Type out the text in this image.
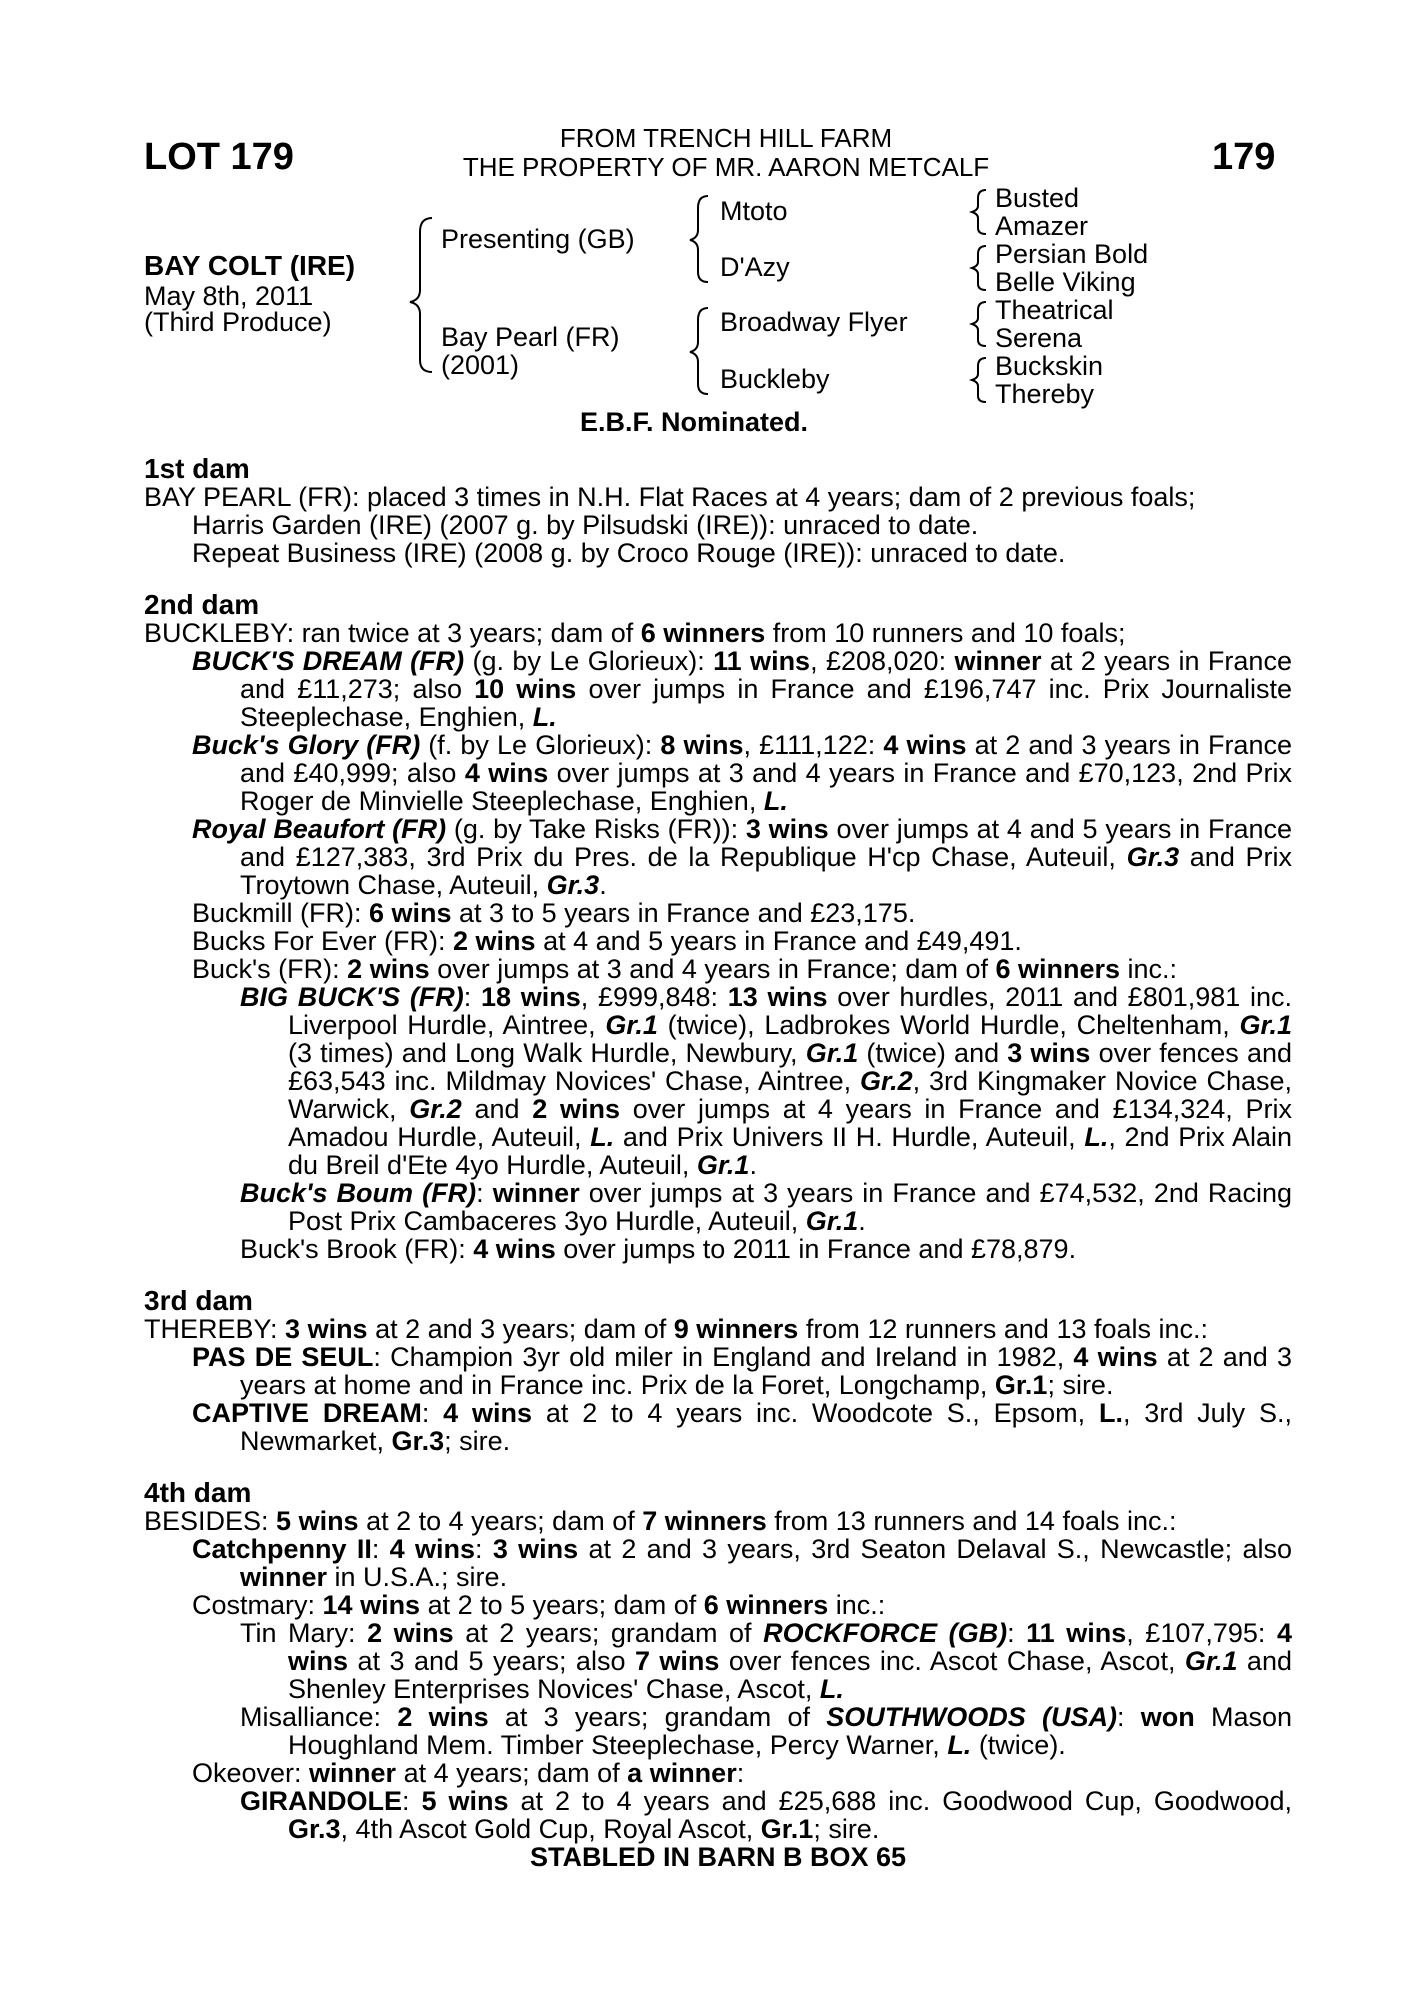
LOT 179	FROM TRENCH HILL FARM
THE PROPERTY OF MR. AARON METCALF	179
BAY COLT (IRE)
May 8th, 2011
(Third Produce)
Presenting (GB)
Bay Pearl (FR)
(2001)
Mtoto
D'Azy
Broadway Flyer
Buckleby
Busted
Amazer
Persian Bold
Belle Viking
Theatrical
Serena
Buckskin
Thereby
E.B.F. Nominated.
1st dam
BAY PEARL (FR): placed 3 times in N.H. Flat Races at 4 years; dam of 2 previous foals;
Harris Garden (IRE) (2007 g. by Pilsudski (IRE)): unraced to date.
Repeat Business (IRE) (2008 g. by Croco Rouge (IRE)): unraced to date.
2nd dam
BUCKLEBY: ran twice at 3 years; dam of 6 winners from 10 runners and 10 foals;
BUCK'S DREAM (FR) (g. by Le Glorieux): 11 wins, £208,020: winner at 2 years in France and £11,273; also 10 wins over jumps in France and £196,747 inc. Prix Journaliste Steeplechase, Enghien, L.
Buck's Glory (FR) (f. by Le Glorieux): 8 wins, £111,122: 4 wins at 2 and 3 years in France and £40,999; also 4 wins over jumps at 3 and 4 years in France and £70,123, 2nd Prix Roger de Minvielle Steeplechase, Enghien, L.
Royal Beaufort (FR) (g. by Take Risks (FR)): 3 wins over jumps at 4 and 5 years in France and £127,383, 3rd Prix du Pres. de la Republique H'cp Chase, Auteuil, Gr.3 and Prix Troytown Chase, Auteuil, Gr.3.
Buckmill (FR): 6 wins at 3 to 5 years in France and £23,175.
Bucks For Ever (FR): 2 wins at 4 and 5 years in France and £49,491.
Buck's (FR): 2 wins over jumps at 3 and 4 years in France; dam of 6 winners inc.:
BIG BUCK'S (FR): 18 wins, £999,848: 13 wins over hurdles, 2011 and £801,981 inc. Liverpool Hurdle, Aintree, Gr.1 (twice), Ladbrokes World Hurdle, Cheltenham, Gr.1 (3 times) and Long Walk Hurdle, Newbury, Gr.1 (twice) and 3 wins over fences and £63,543 inc. Mildmay Novices' Chase, Aintree, Gr.2, 3rd Kingmaker Novice Chase, Warwick, Gr.2 and 2 wins over jumps at 4 years in France and £134,324, Prix Amadou Hurdle, Auteuil, L. and Prix Univers II H. Hurdle, Auteuil, L., 2nd Prix Alain du Breil d'Ete 4yo Hurdle, Auteuil, Gr.1.
Buck's Boum (FR): winner over jumps at 3 years in France and £74,532, 2nd Racing Post Prix Cambaceres 3yo Hurdle, Auteuil, Gr.1.
Buck's Brook (FR): 4 wins over jumps to 2011 in France and £78,879.
3rd dam
THEREBY: 3 wins at 2 and 3 years; dam of 9 winners from 12 runners and 13 foals inc.:
PAS DE SEUL: Champion 3yr old miler in England and Ireland in 1982, 4 wins at 2 and 3 years at home and in France inc. Prix de la Foret, Longchamp, Gr.1; sire.
CAPTIVE DREAM: 4 wins at 2 to 4 years inc. Woodcote S., Epsom, L., 3rd July S., Newmarket, Gr.3; sire.
4th dam
BESIDES: 5 wins at 2 to 4 years; dam of 7 winners from 13 runners and 14 foals inc.:
Catchpenny II: 4 wins: 3 wins at 2 and 3 years, 3rd Seaton Delaval S., Newcastle; also winner in U.S.A.; sire.
Costmary: 14 wins at 2 to 5 years; dam of 6 winners inc.:
Tin Mary: 2 wins at 2 years; grandam of ROCKFORCE (GB): 11 wins, £107,795: 4 wins at 3 and 5 years; also 7 wins over fences inc. Ascot Chase, Ascot, Gr.1 and Shenley Enterprises Novices' Chase, Ascot, L.
Misalliance: 2 wins at 3 years; grandam of SOUTHWOODS (USA): won Mason Houghland Mem. Timber Steeplechase, Percy Warner, L. (twice).
Okeover: winner at 4 years; dam of a winner:
GIRANDOLE: 5 wins at 2 to 4 years and £25,688 inc. Goodwood Cup, Goodwood, Gr.3, 4th Ascot Gold Cup, Royal Ascot, Gr.1; sire.
STABLED IN BARN B BOX 65
